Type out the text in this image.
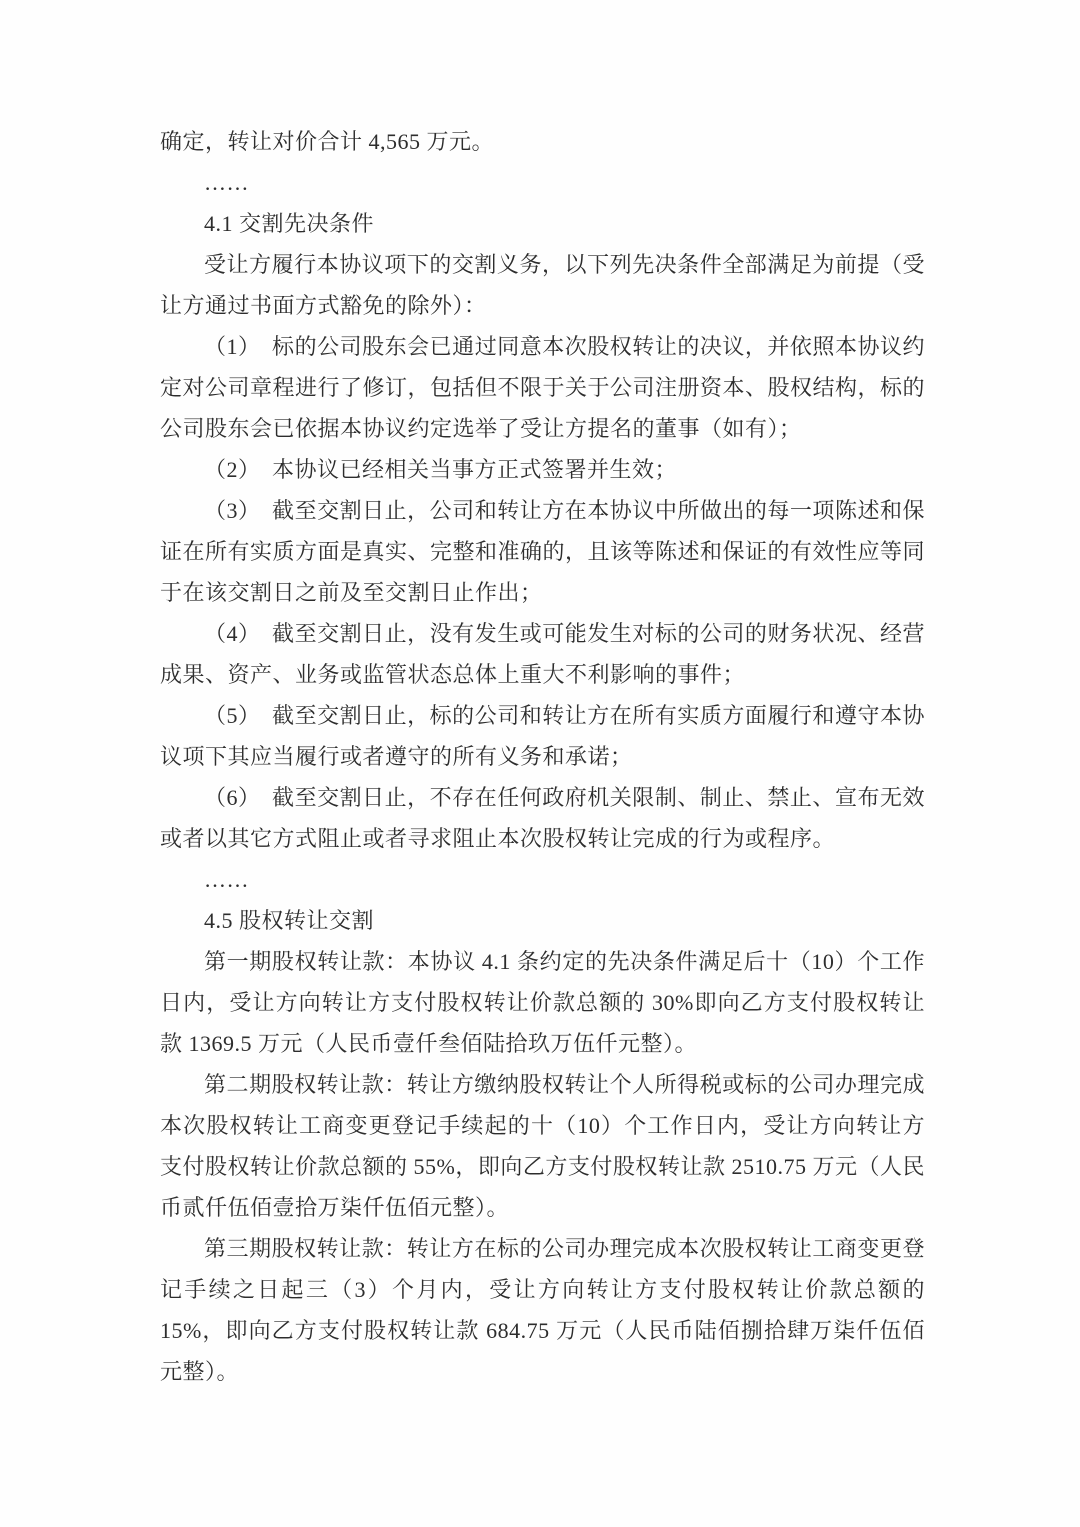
确定，转让对价合计 4,565 万元。

……

4.1 交割先决条件

受让方履行本协议项下的交割义务，以下列先决条件全部满足为前提（受让方通过书面方式豁免的除外）：

（1） 标的公司股东会已通过同意本次股权转让的决议，并依照本协议约定对公司章程进行了修订，包括但不限于关于公司注册资本、股权结构，标的公司股东会已依据本协议约定选举了受让方提名的董事（如有）；

（2） 本协议已经相关当事方正式签署并生效；

（3） 截至交割日止，公司和转让方在本协议中所做出的每一项陈述和保证在所有实质方面是真实、完整和准确的，且该等陈述和保证的有效性应等同于在该交割日之前及至交割日止作出；

（4） 截至交割日止，没有发生或可能发生对标的公司的财务状况、经营成果、资产、业务或监管状态总体上重大不利影响的事件；

（5） 截至交割日止，标的公司和转让方在所有实质方面履行和遵守本协议项下其应当履行或者遵守的所有义务和承诺；

（6） 截至交割日止，不存在任何政府机关限制、制止、禁止、宣布无效或者以其它方式阻止或者寻求阻止本次股权转让完成的行为或程序。

……

4.5 股权转让交割

第一期股权转让款：本协议 4.1 条约定的先决条件满足后十（10）个工作日内，受让方向转让方支付股权转让价款总额的 30%即向乙方支付股权转让款 1369.5 万元（人民币壹仟叁佰陆拾玖万伍仟元整）。

第二期股权转让款：转让方缴纳股权转让个人所得税或标的公司办理完成本次股权转让工商变更登记手续起的十（10）个工作日内，受让方向转让方支付股权转让价款总额的 55%，即向乙方支付股权转让款 2510.75 万元（人民币贰仟伍佰壹拾万柒仟伍佰元整）。

第三期股权转让款：转让方在标的公司办理完成本次股权转让工商变更登记手续之日起三（3）个月内，受让方向转让方支付股权转让价款总额的 15%，即向乙方支付股权转让款 684.75 万元（人民币陆佰捌拾肆万柒仟伍佰元整）。
